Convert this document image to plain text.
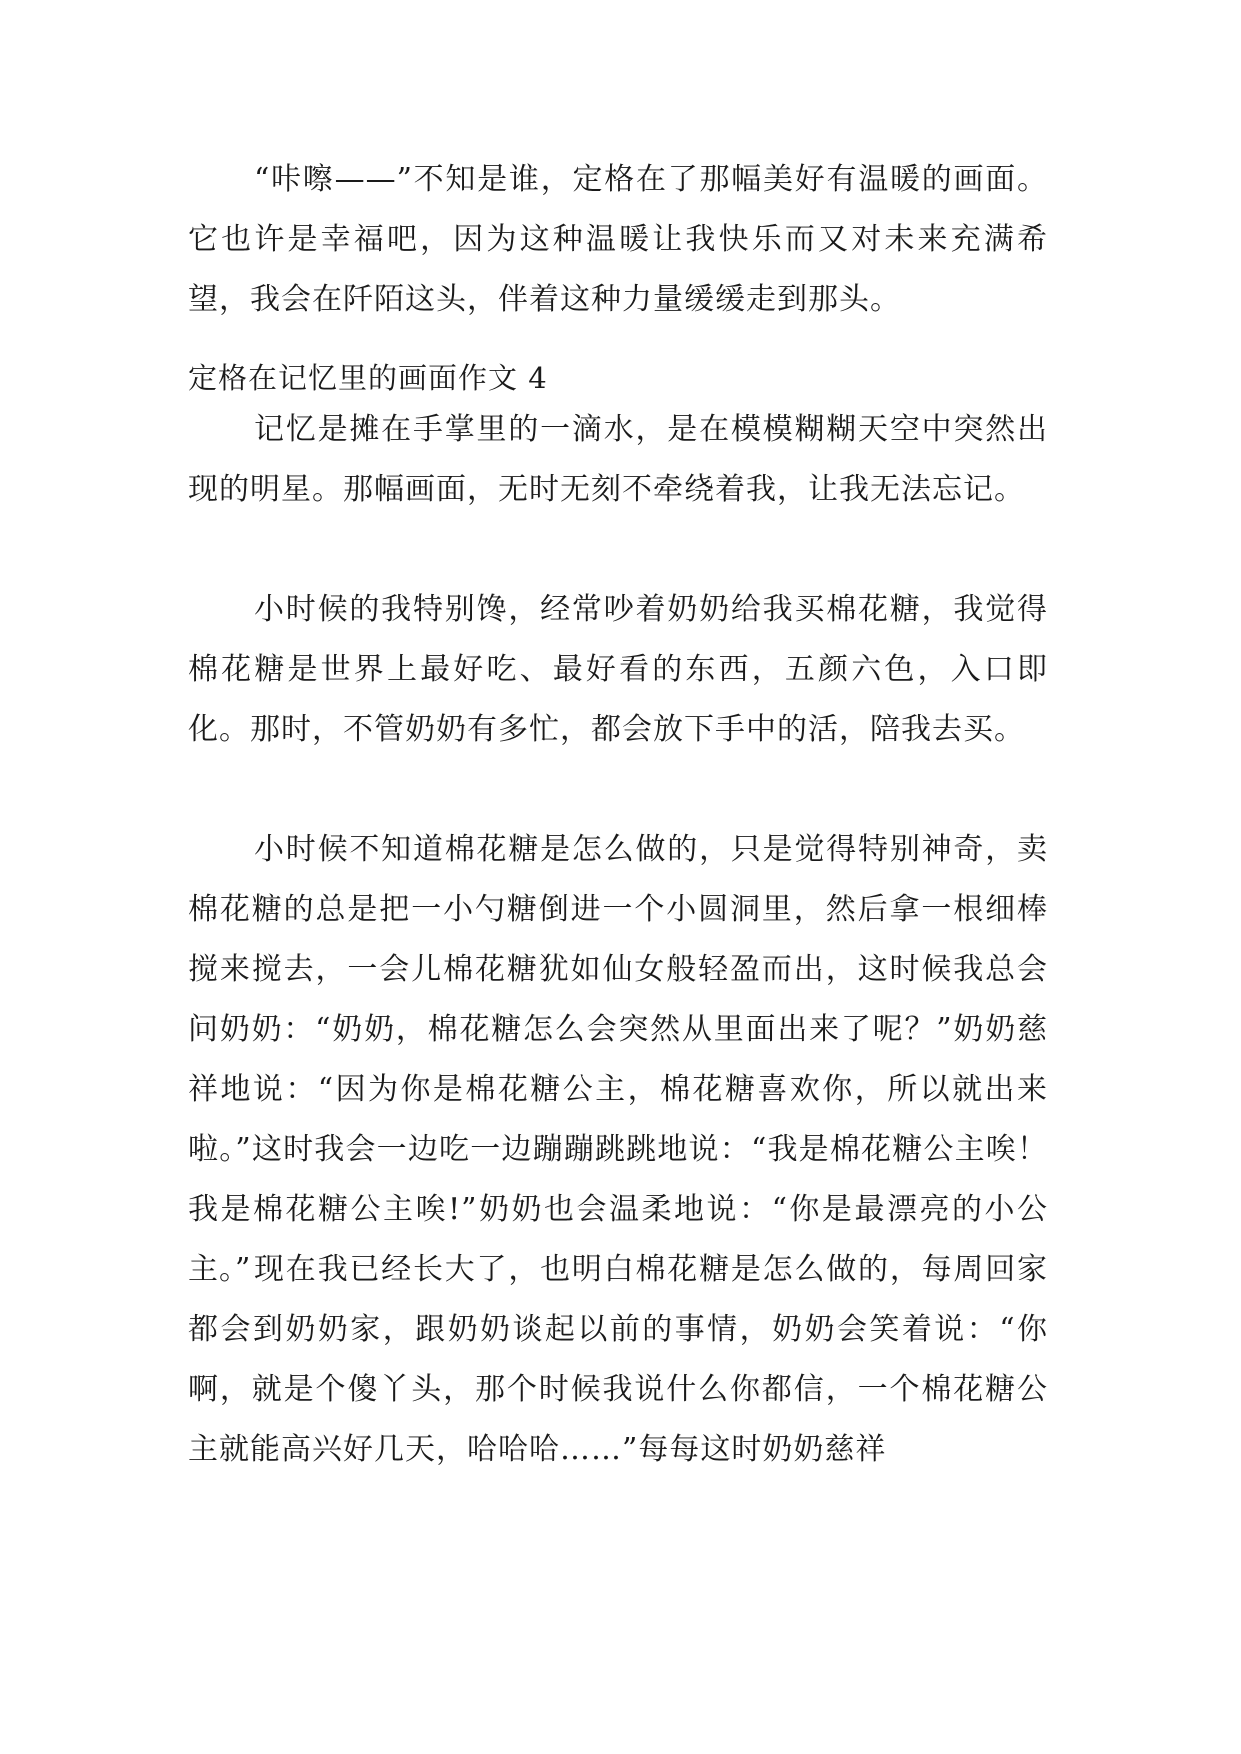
“咔嚓——”不知是谁，定格在了那幅美好有温暖的画面。它也许是幸福吧，因为这种温暖让我快乐而又对未来充满希望，我会在阡陌这头，伴着这种力量缓缓走到那头。

定格在记忆里的画面作文 4

记忆是摊在手掌里的一滴水，是在模模糊糊天空中突然出现的明星。那幅画面，无时无刻不牵绕着我，让我无法忘记。

小时候的我特别馋，经常吵着奶奶给我买棉花糖，我觉得棉花糖是世界上最好吃、最好看的东西，五颜六色，入口即化。那时，不管奶奶有多忙，都会放下手中的活，陪我去买。

小时候不知道棉花糖是怎么做的，只是觉得特别神奇，卖棉花糖的总是把一小勺糖倒进一个小圆洞里，然后拿一根细棒搅来搅去，一会儿棉花糖犹如仙女般轻盈而出，这时候我总会问奶奶：“奶奶，棉花糖怎么会突然从里面出来了呢？”奶奶慈祥地说：“因为你是棉花糖公主，棉花糖喜欢你，所以就出来啦。”这时我会一边吃一边蹦蹦跳跳地说：“我是棉花糖公主唉！我是棉花糖公主唉!”奶奶也会温柔地说：“你是最漂亮的小公主。” 现在我已经长大了，也明白棉花糖是怎么做的，每周回家都会到奶奶家，跟奶奶谈起以前的事情，奶奶会笑着说：“你啊，就是个傻丫头，那个时候我说什么你都信，一个棉花糖公主就能高兴好几天，哈哈哈……”每每这时奶奶慈祥
